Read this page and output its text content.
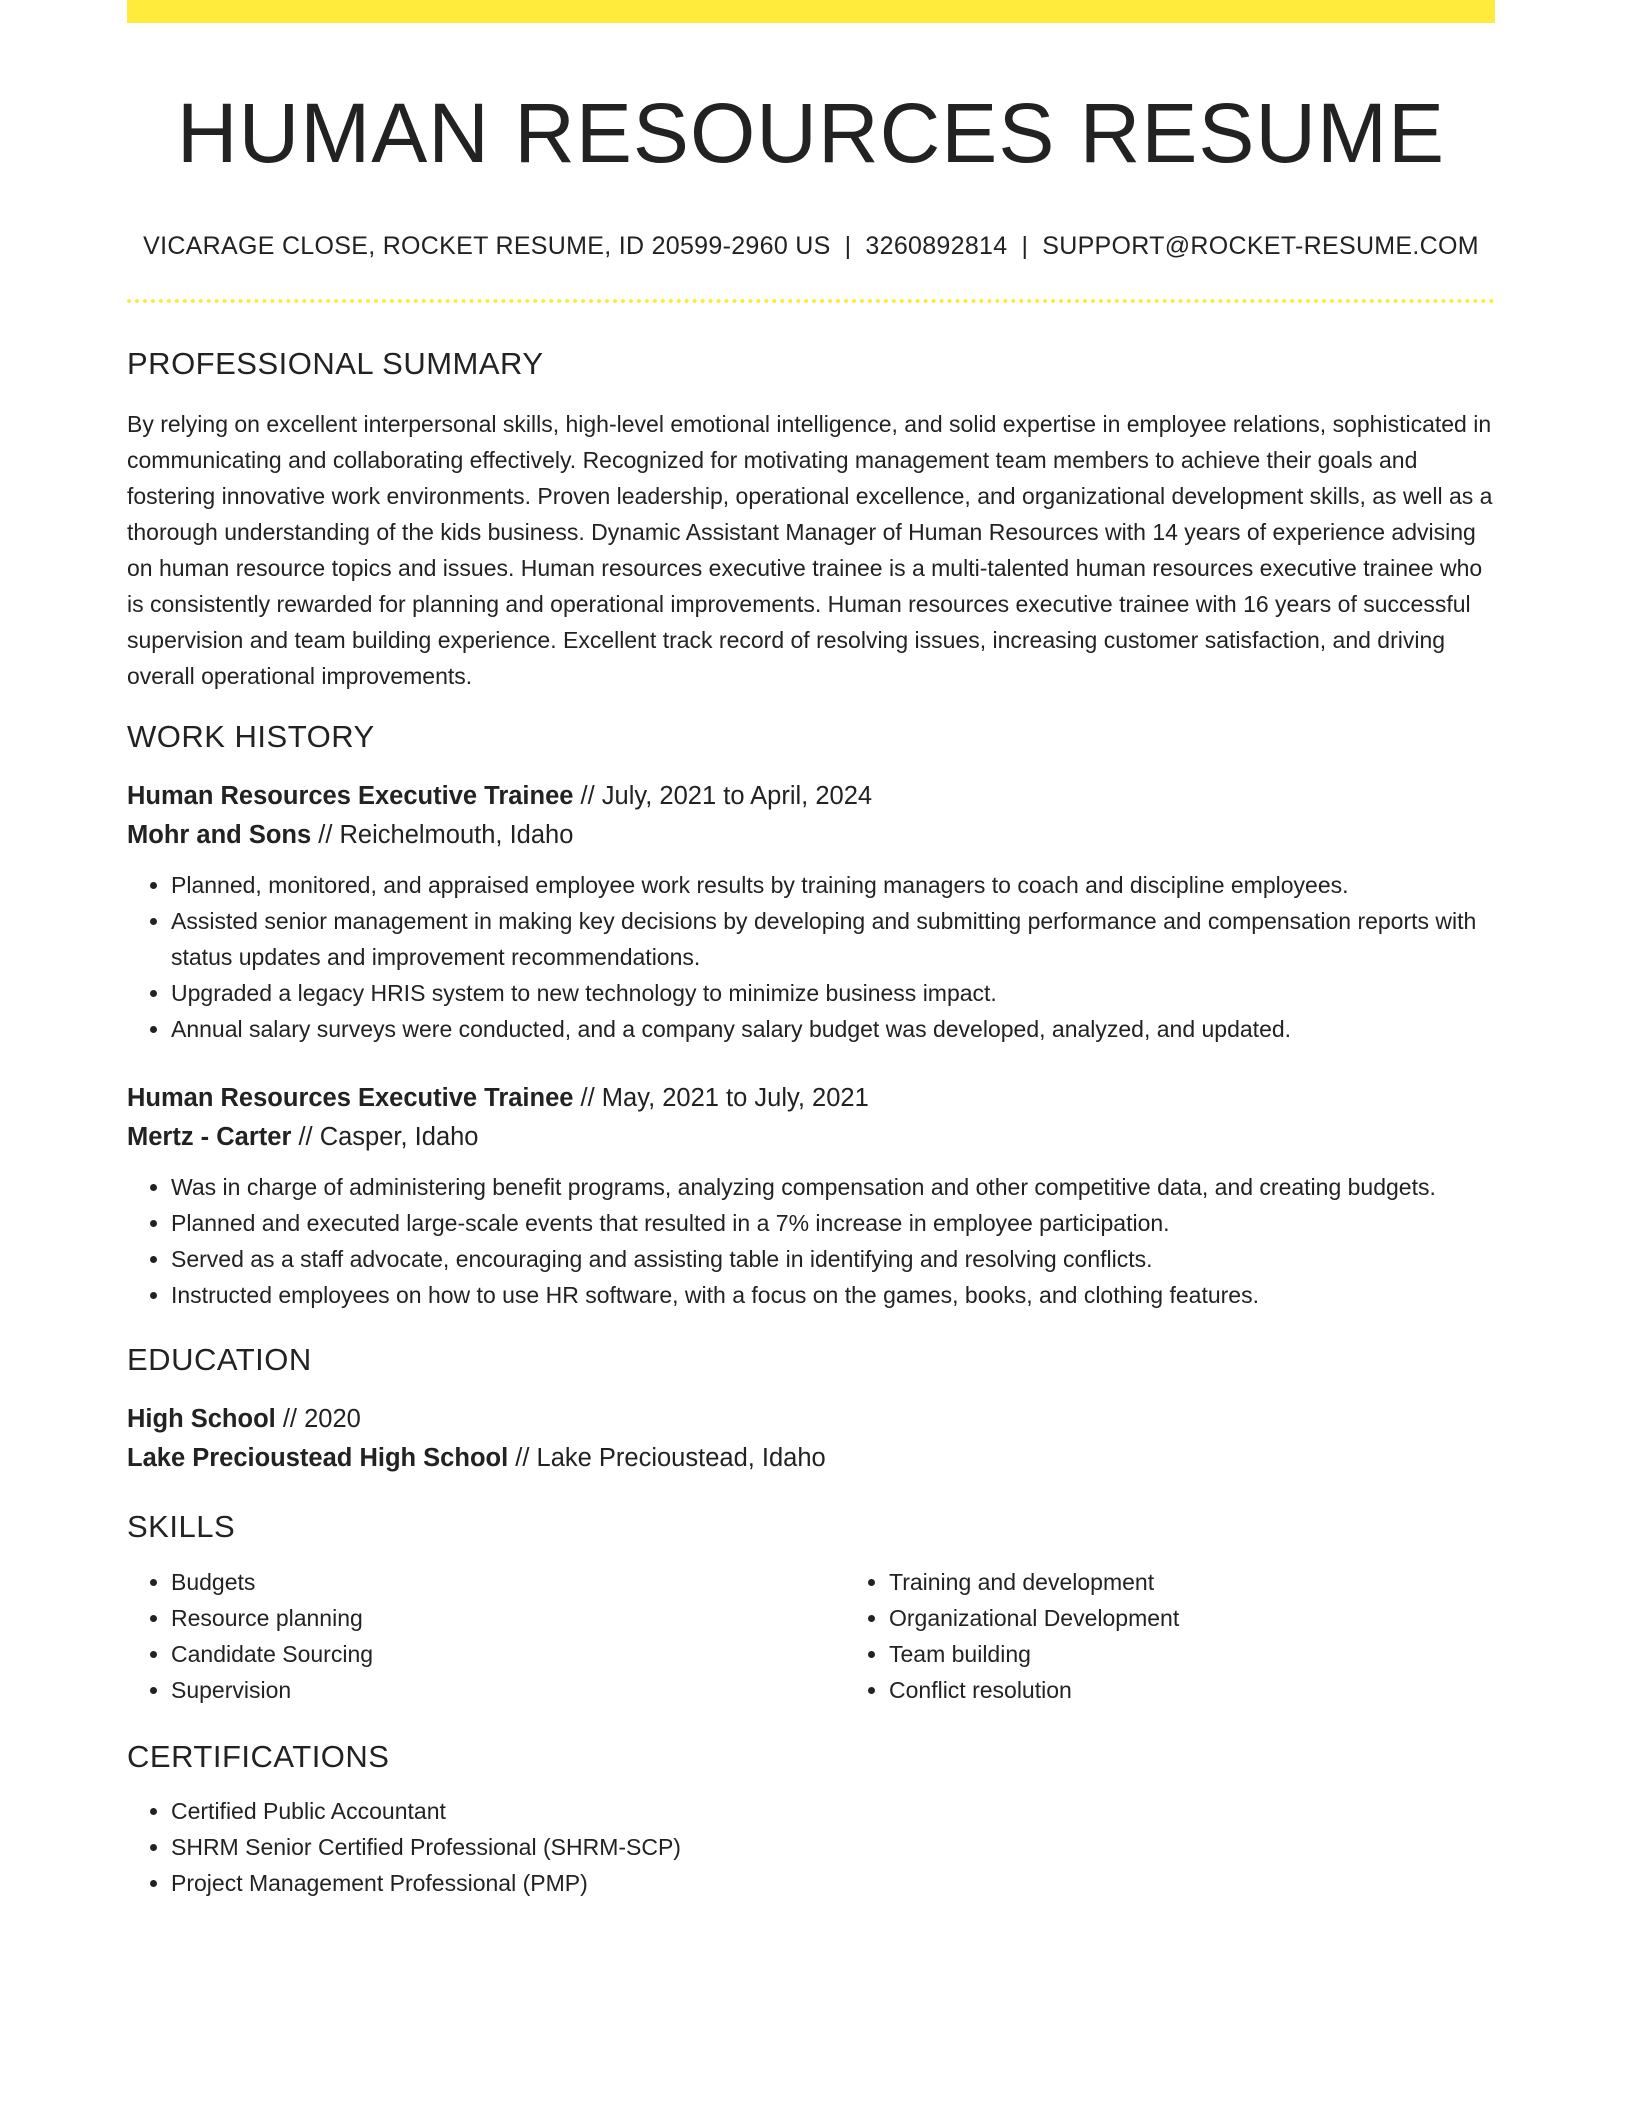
HUMAN RESOURCES RESUME
VICARAGE CLOSE, ROCKET RESUME, ID 20599-2960 US | 3260892814 | SUPPORT@ROCKET-RESUME.COM
PROFESSIONAL SUMMARY

By relying on excellent interpersonal skills, high-level emotional intelligence, and solid expertise in employee relations, sophisticated in communicating and collaborating effectively. Recognized for motivating management team members to achieve their goals and fostering innovative work environments. Proven leadership, operational excellence, and organizational development skills, as well as a thorough understanding of the kids business. Dynamic Assistant Manager of Human Resources with 14 years of experience advising on human resource topics and issues. Human resources executive trainee is a multi-talented human resources executive trainee who is consistently rewarded for planning and operational improvements. Human resources executive trainee with 16 years of successful supervision and team building experience. Excellent track record of resolving issues, increasing customer satisfaction, and driving overall operational improvements.

WORK HISTORY

Human Resources Executive Trainee // July, 2021 to April, 2024

Mohr and Sons // Reichelmouth, Idaho

• Planned, monitored, and appraised employee work results by training managers to coach and discipline employees.
• Assisted senior management in making key decisions by developing and submitting performance and compensation reports with status updates and improvement recommendations.
• Upgraded a legacy HRIS system to new technology to minimize business impact.
• Annual salary surveys were conducted, and a company salary budget was developed, analyzed, and updated.

Human Resources Executive Trainee // May, 2021 to July, 2021

Mertz - Carter // Casper, Idaho

• Was in charge of administering benefit programs, analyzing compensation and other competitive data, and creating budgets.
• Planned and executed large-scale events that resulted in a 7% increase in employee participation.
• Served as a staff advocate, encouraging and assisting table in identifying and resolving conflicts.
• Instructed employees on how to use HR software, with a focus on the games, books, and clothing features.
EDUCATION

High School // 2020

Lake Precioustead High School // Lake Precioustead, Idaho

SKILLS
• Budgets
• Resource planning
• Candidate Sourcing
• Supervision
• Training and development
• Organizational Development
• Team building
• Conflict resolution
CERTIFICATIONS
• Certified Public Accountant
• SHRM Senior Certified Professional (SHRM-SCP)
• Project Management Professional (PMP)
